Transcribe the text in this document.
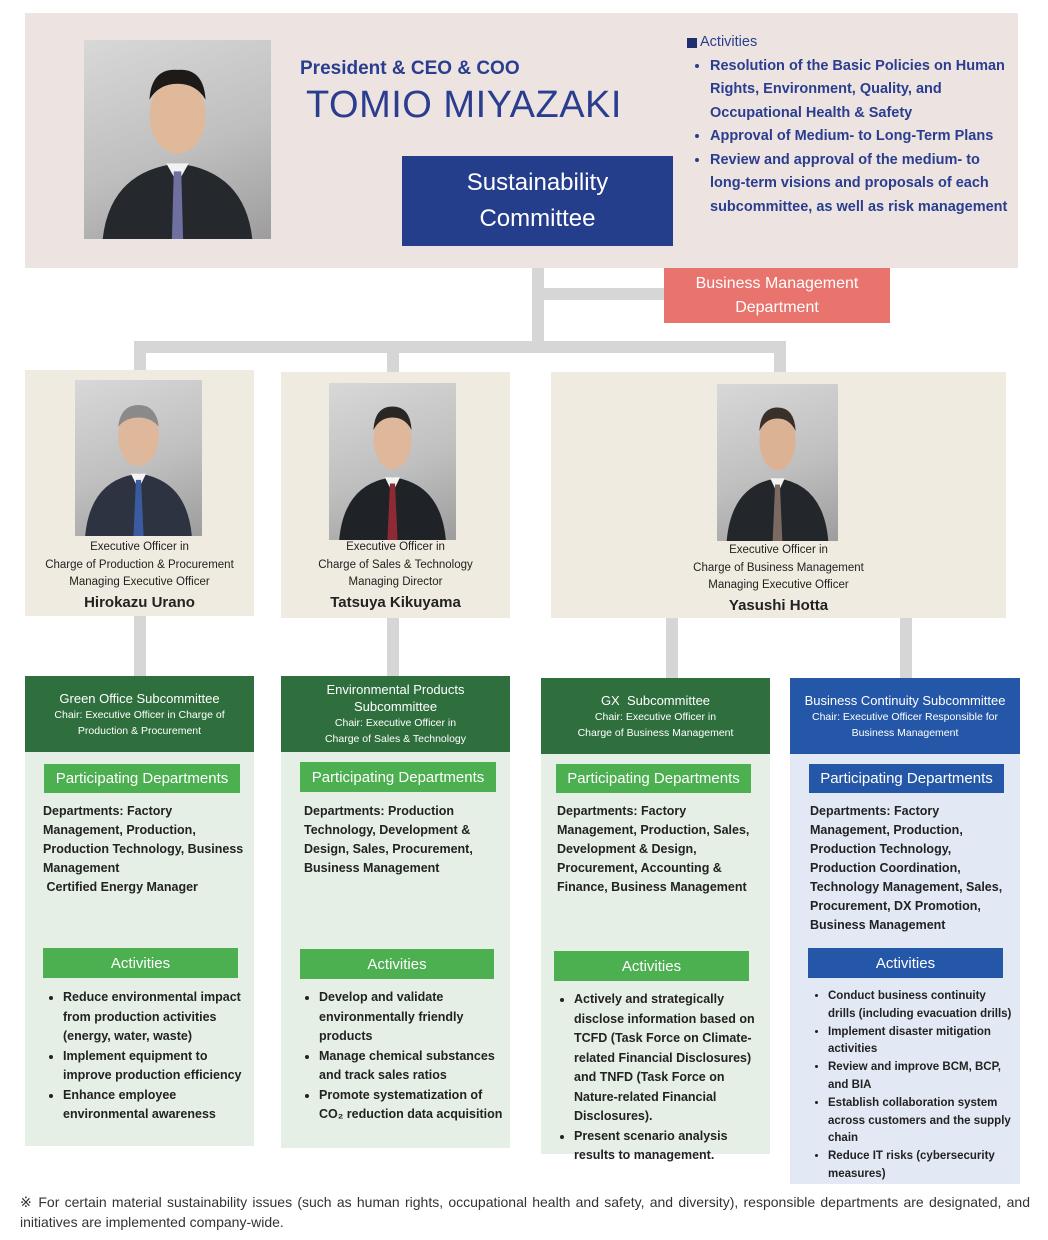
President & CEO & COO
TOMIO MIYAZAKI
Sustainability
Committee
Activities
• Resolution of the Basic Policies on Human Rights, Environment, Quality, and Occupational Health & Safety
• Approval of Medium- to Long-Term Plans
• Review and approval of the medium- to long-term visions and proposals of each subcommittee, as well as risk management
Business Management
Department
Executive Officer in
Charge of Production & Procurement
Managing Executive Officer
Hirokazu Urano
Executive Officer in
Charge of Sales & Technology
Managing Director
Tatsuya Kikuyama
Executive Officer in
Charge of Business Management
Managing Executive Officer
Yasushi Hotta
Green Office Subcommittee
Chair: Executive Officer in Charge of
Production & Procurement
Participating Departments
Departments: Factory
Management, Production,
Production Technology, Business
Management
Certified Energy Manager
Activities
• Reduce environmental impact from production activities (energy, water, waste)
• Implement equipment to improve production efficiency
• Enhance employee environmental awareness
Environmental Products
Subcommittee
Chair: Executive Officer in
Charge of Sales & Technology
Participating Departments
Departments: Production
Technology, Development &
Design, Sales, Procurement,
Business Management
Activities
• Develop and validate environmentally friendly products
• Manage chemical substances and track sales ratios
• Promote systematization of CO₂ reduction data acquisition
GX  Subcommittee
Chair: Executive Officer in
Charge of Business Management
Participating Departments
Departments: Factory
Management, Production, Sales,
Development & Design,
Procurement, Accounting &
Finance, Business Management
Activities
• Actively and strategically disclose information based on TCFD (Task Force on Climate-related Financial Disclosures) and TNFD (Task Force on Nature-related Financial Disclosures).
• Present scenario analysis results to management.
Business Continuity Subcommittee
Chair: Executive Officer Responsible for
Business Management
Participating Departments
Departments: Factory
Management, Production,
Production Technology,
Production Coordination,
Technology Management, Sales,
Procurement, DX Promotion,
Business Management
Activities
• Conduct business continuity drills (including evacuation drills)
• Implement disaster mitigation activities
• Review and improve BCM, BCP, and BIA
• Establish collaboration system across customers and the supply chain
• Reduce IT risks (cybersecurity measures)
※ For certain material sustainability issues (such as human rights, occupational health and safety, and diversity), responsible departments are designated, and initiatives are implemented company-wide.
